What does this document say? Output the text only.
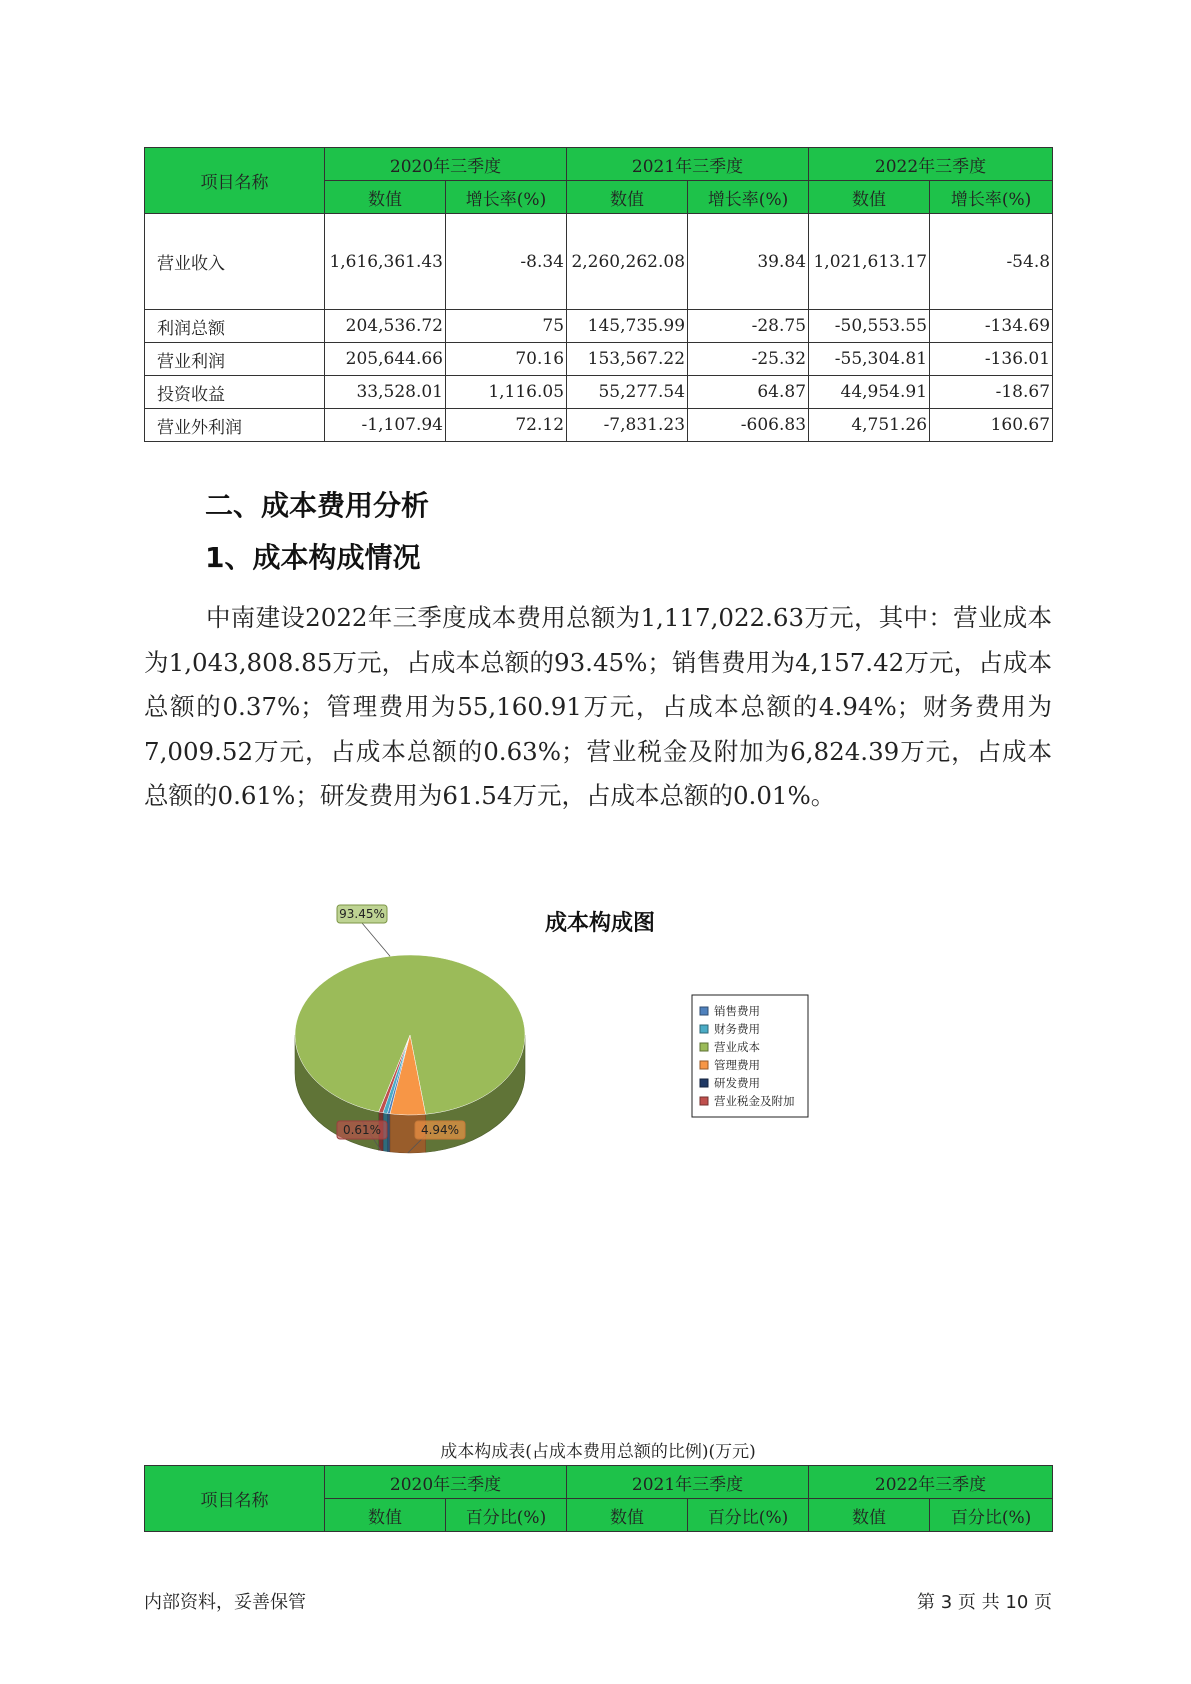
项目名称	2020年三季度		2021年三季度		2022年三季度	
	数值	增长率(%)	数值	增长率(%)	数值	增长率(%)
营业收入	1,616,361.43	-8.34	2,260,262.08	39.84	1,021,613.17	-54.8
利润总额	204,536.72	75	145,735.99	-28.75	-50,553.55	-134.69
营业利润	205,644.66	70.16	153,567.22	-25.32	-55,304.81	-136.01
投资收益	33,528.01	1,116.05	55,277.54	64.87	44,954.91	-18.67
营业外利润	-1,107.94	72.12	-7,831.23	-606.83	4,751.26	160.67
二、成本费用分析
1、成本构成情况

中南建设2022年三季度成本费用总额为1,117,022.63万元，其中：营业成本为1,043,808.85万元，占成本总额的93.45%；销售费用为4,157.42万元，占成本总额的0.37%；管理费用为55,160.91万元，占成本总额的4.94%；财务费用为7,009.52万元，占成本总额的0.63%；营业税金及附加为6,824.39万元，占成本总额的0.61%；研发费用为61.54万元，占成本总额的0.01%。

成本构成图
93.45%
0.61%	4.94%
销售费用
财务费用
营业成本
管理费用
研发费用
营业税金及附加
成本构成表(占成本费用总额的比例)(万元)
项目名称	2020年三季度		2021年三季度		2022年三季度	
	数值	百分比(%)	数值	百分比(%)	数值	百分比(%)
内部资料，妥善保管	第 3 页 共 10 页
